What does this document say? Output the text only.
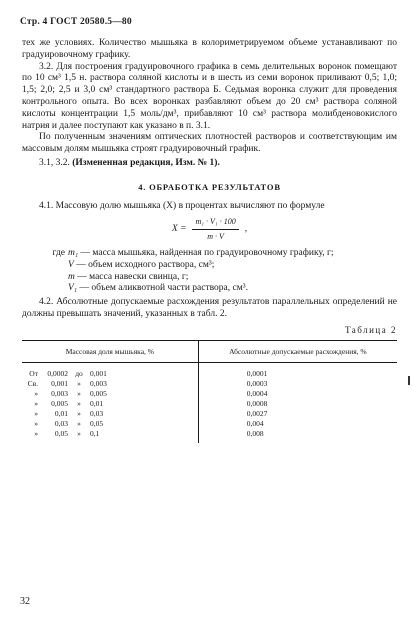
Стр. 4 ГОСТ 20580.5—80

тех же условиях. Количество мышьяка в колориметрируемом объеме устанавливают по градуировочному графику.

3.2. Для построения градуировочного графика в семь делительных воронок помещают по 10 см³ 1,5 н. раствора соляной кислоты и в шесть из семи воронок приливают 0,5; 1,0; 1,5; 2,0; 2,5 и 3,0 см³ стандартного раствора Б. Седьмая воронка служит для проведения контрольного опыта. Во всех воронках разбавляют объем до 20 см³ раствора соляной кислоты концентрации 1,5 моль/дм³, прибавляют 10 см³ раствора молибденовокислого натрия и далее поступают как указано в п. 3.1.

По полученным значениям оптических плотностей растворов и соответствующим им массовым долям мышьяка строят градуировочный график.

3.1, 3.2. (Измененная редакция, Изм. № 1).

4. ОБРАБОТКА РЕЗУЛЬТАТОВ

4.1. Массовую долю мышьяка (X) в процентах вычисляют по формуле

$X = \frac{\text{m₁ · V₁ · 100}}{m \cdot V}$ ,
где m₁ — масса мышьяка, найденная по градуировочному графику, г;
V — объем исходного раствора, см³;
m — масса навески свинца, г;
V₁ — объем аликвотной части раствора, см³.

4.2. Абсолютные допускаемые расхождения результатов параллельных определений не должны превышать значений, указанных в табл. 2.

Таблица 2
Массовая доля мышьяка, %	Абсолютные допускаемые расхождения, %

От 0,0002 до 0,001	0,0001

Св. 0,001 » 0,003	0,0003

» 0,003 » 0,005	0,0004

» 0,005 » 0,01	0,0008

» 0,01 » 0,03	0,0027

» 0,03 » 0,05	0,004

» 0,05 » 0,1	0,008
32
